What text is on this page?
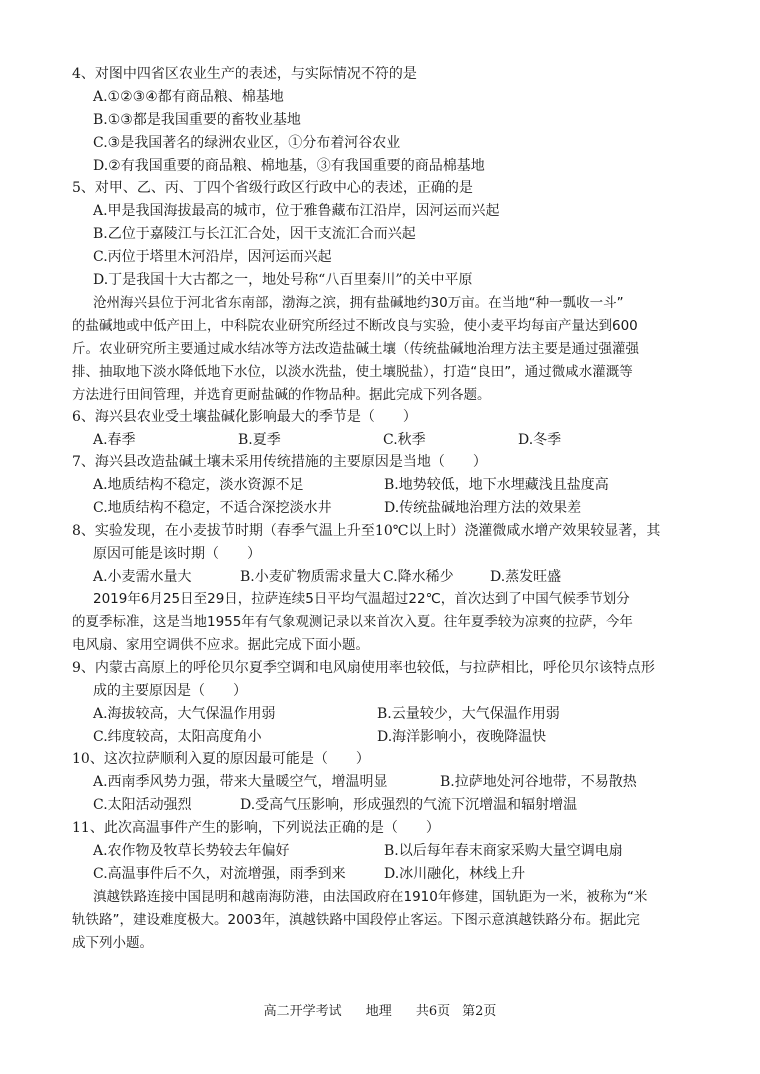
4、对图中四省区农业生产的表述，与实际情况不符的是
A.①②③④都有商品粮、棉基地
B.①③都是我国重要的畜牧业基地
C.③是我国著名的绿洲农业区，①分布着河谷农业
D.②有我国重要的商品粮、棉地基，③有我国重要的商品棉基地
5、对甲、乙、丙、丁四个省级行政区行政中心的表述，正确的是
A.甲是我国海拔最高的城市，位于雅鲁藏布江沿岸，因河运而兴起
B.乙位于嘉陵江与长江汇合处，因干支流汇合而兴起
C.丙位于塔里木河沿岸，因河运而兴起
D.丁是我国十大古都之一，地处号称“八百里秦川”的关中平原
沧州海兴县位于河北省东南部，渤海之滨，拥有盐碱地约30万亩。在当地“种一瓢收一斗”
的盐碱地或中低产田上，中科院农业研究所经过不断改良与实验，使小麦平均每亩产量达到600
斤。农业研究所主要通过咸水结冰等方法改造盐碱土壤（传统盐碱地治理方法主要是通过强灌强
排、抽取地下淡水降低地下水位，以淡水洗盐，使土壤脱盐），打造“良田”，通过微咸水灌溉等
方法进行田间管理，并选育更耐盐碱的作物品种。据此完成下列各题。
6、海兴县农业受土壤盐碱化影响最大的季节是（　　）
A.春季	B.夏季	C.秋季	D.冬季
7、海兴县改造盐碱土壤未采用传统措施的主要原因是当地（　　）
A.地质结构不稳定，淡水资源不足	B.地势较低，地下水埋藏浅且盐度高
C.地质结构不稳定，不适合深挖淡水井	D.传统盐碱地治理方法的效果差
8、实验发现，在小麦拔节时期（春季气温上升至10℃以上时）浇灌微咸水增产效果较显著，其
原因可能是该时期（　　）
A.小麦需水量大	B.小麦矿物质需求量大 C.降水稀少	D.蒸发旺盛
2019年6月25日至29日，拉萨连续5日平均气温超过22℃，首次达到了中国气候季节划分
的夏季标准，这是当地1955年有气象观测记录以来首次入夏。往年夏季较为凉爽的拉萨，今年
电风扇、家用空调供不应求。据此完成下面小题。
9、内蒙古高原上的呼伦贝尔夏季空调和电风扇使用率也较低，与拉萨相比，呼伦贝尔该特点形
成的主要原因是（　　）
A.海拔较高，大气保温作用弱	B.云量较少，大气保温作用弱
C.纬度较高，太阳高度角小	D.海洋影响小，夜晚降温快
10、这次拉萨顺利入夏的原因最可能是（　　）
A.西南季风势力强，带来大量暖空气，增温明显	B.拉萨地处河谷地带，不易散热
C.太阳活动强烈	D.受高气压影响，形成强烈的气流下沉增温和辐射增温
11、此次高温事件产生的影响，下列说法正确的是（　　）
A.农作物及牧草长势较去年偏好	B.以后每年春末商家采购大量空调电扇
C.高温事件后不久，对流增强，雨季到来	D.冰川融化，林线上升
滇越铁路连接中国昆明和越南海防港，由法国政府在1910年修建，国轨距为一米，被称为“米
轨铁路”，建设难度极大。2003年，滇越铁路中国段停止客运。下图示意滇越铁路分布。据此完
成下列小题。
高二开学考试 地理 共6页 第2页
